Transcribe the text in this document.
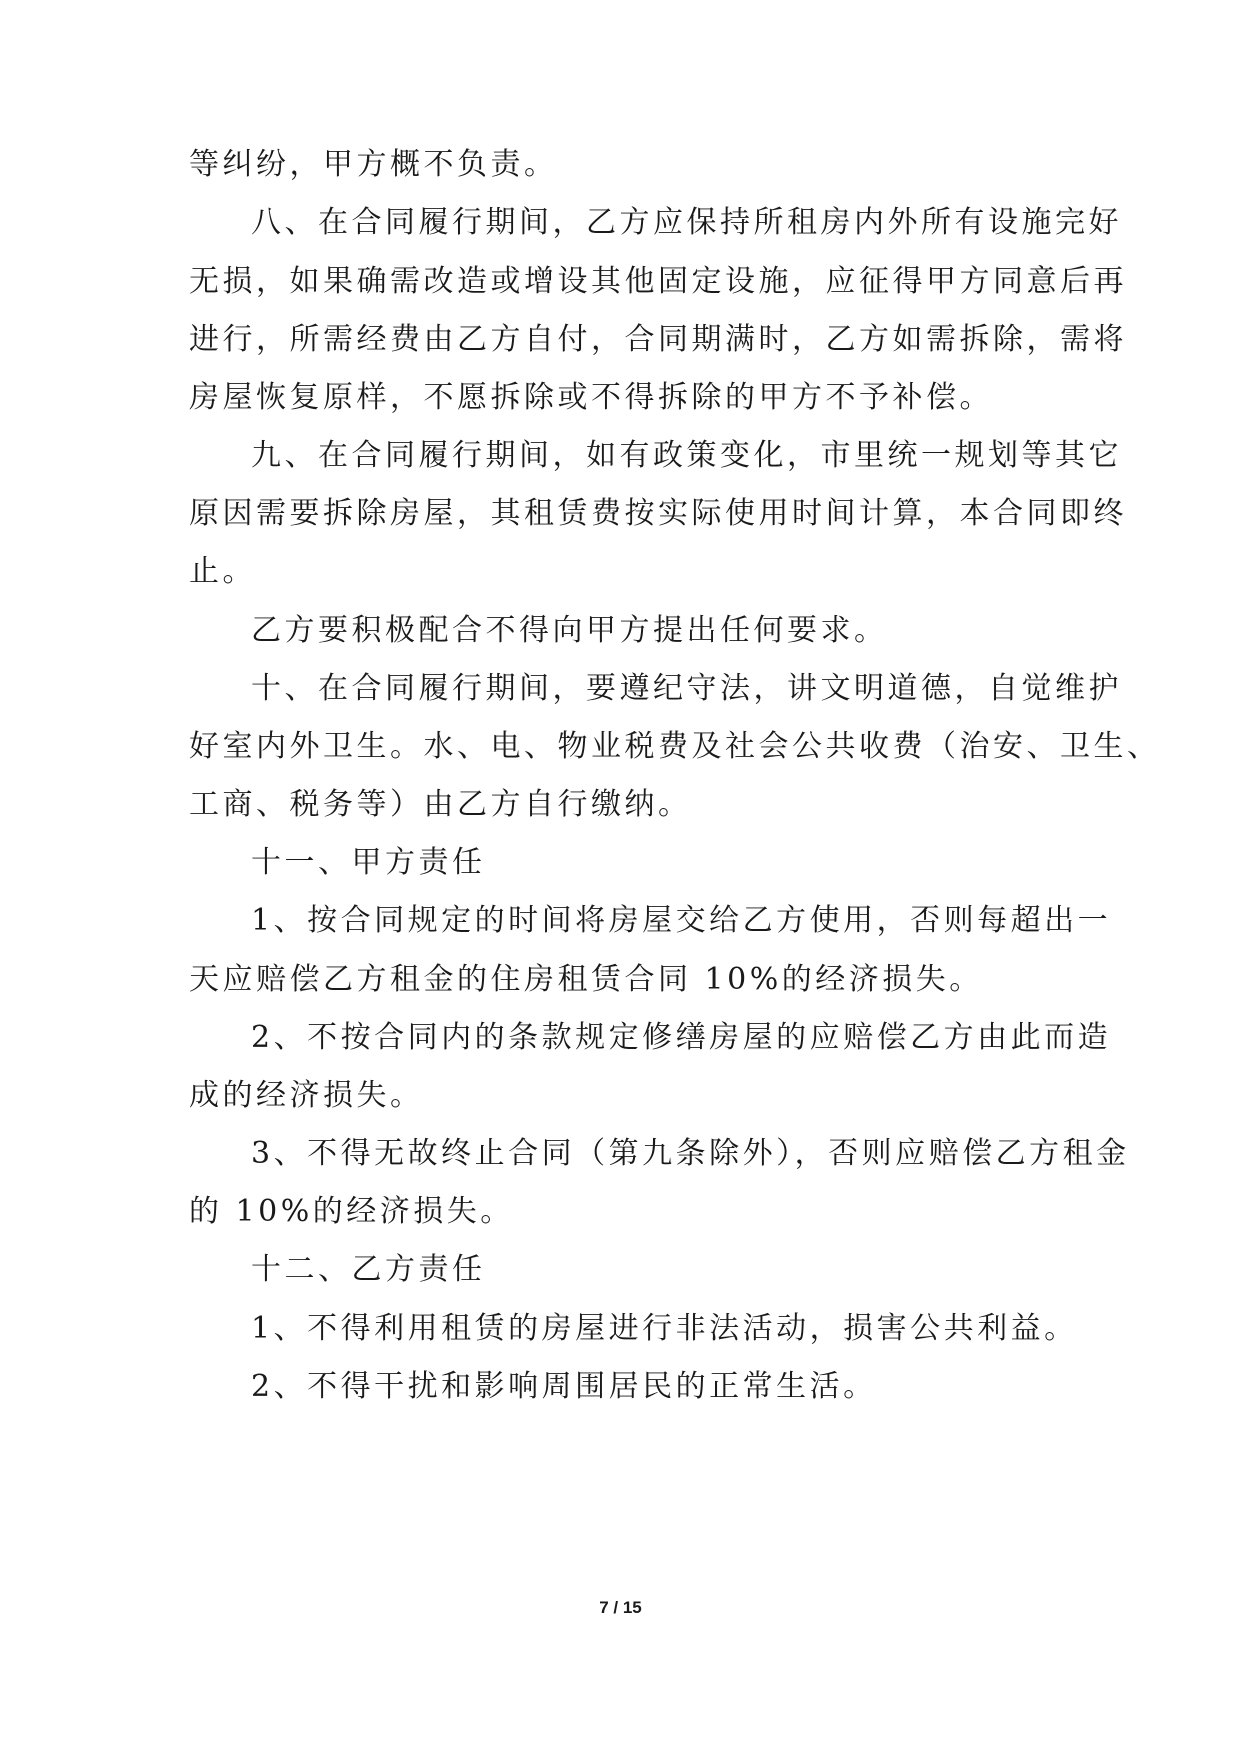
等纠纷，甲方概不负责。
八、在合同履行期间，乙方应保持所租房内外所有设施完好
无损，如果确需改造或增设其他固定设施，应征得甲方同意后再
进行，所需经费由乙方自付，合同期满时，乙方如需拆除，需将
房屋恢复原样，不愿拆除或不得拆除的甲方不予补偿。
九、在合同履行期间，如有政策变化，市里统一规划等其它
原因需要拆除房屋，其租赁费按实际使用时间计算，本合同即终
止。
乙方要积极配合不得向甲方提出任何要求。
十、在合同履行期间，要遵纪守法，讲文明道德，自觉维护
好室内外卫生。水、电、物业税费及社会公共收费（治安、卫生、
工商、税务等）由乙方自行缴纳。
十一、甲方责任
1、按合同规定的时间将房屋交给乙方使用，否则每超出一
天应赔偿乙方租金的住房租赁合同 10%的经济损失。
2、不按合同内的条款规定修缮房屋的应赔偿乙方由此而造
成的经济损失。
3、不得无故终止合同（第九条除外），否则应赔偿乙方租金
的 10%的经济损失。
十二、乙方责任
1、不得利用租赁的房屋进行非法活动，损害公共利益。
2、不得干扰和影响周围居民的正常生活。
7 / 15
